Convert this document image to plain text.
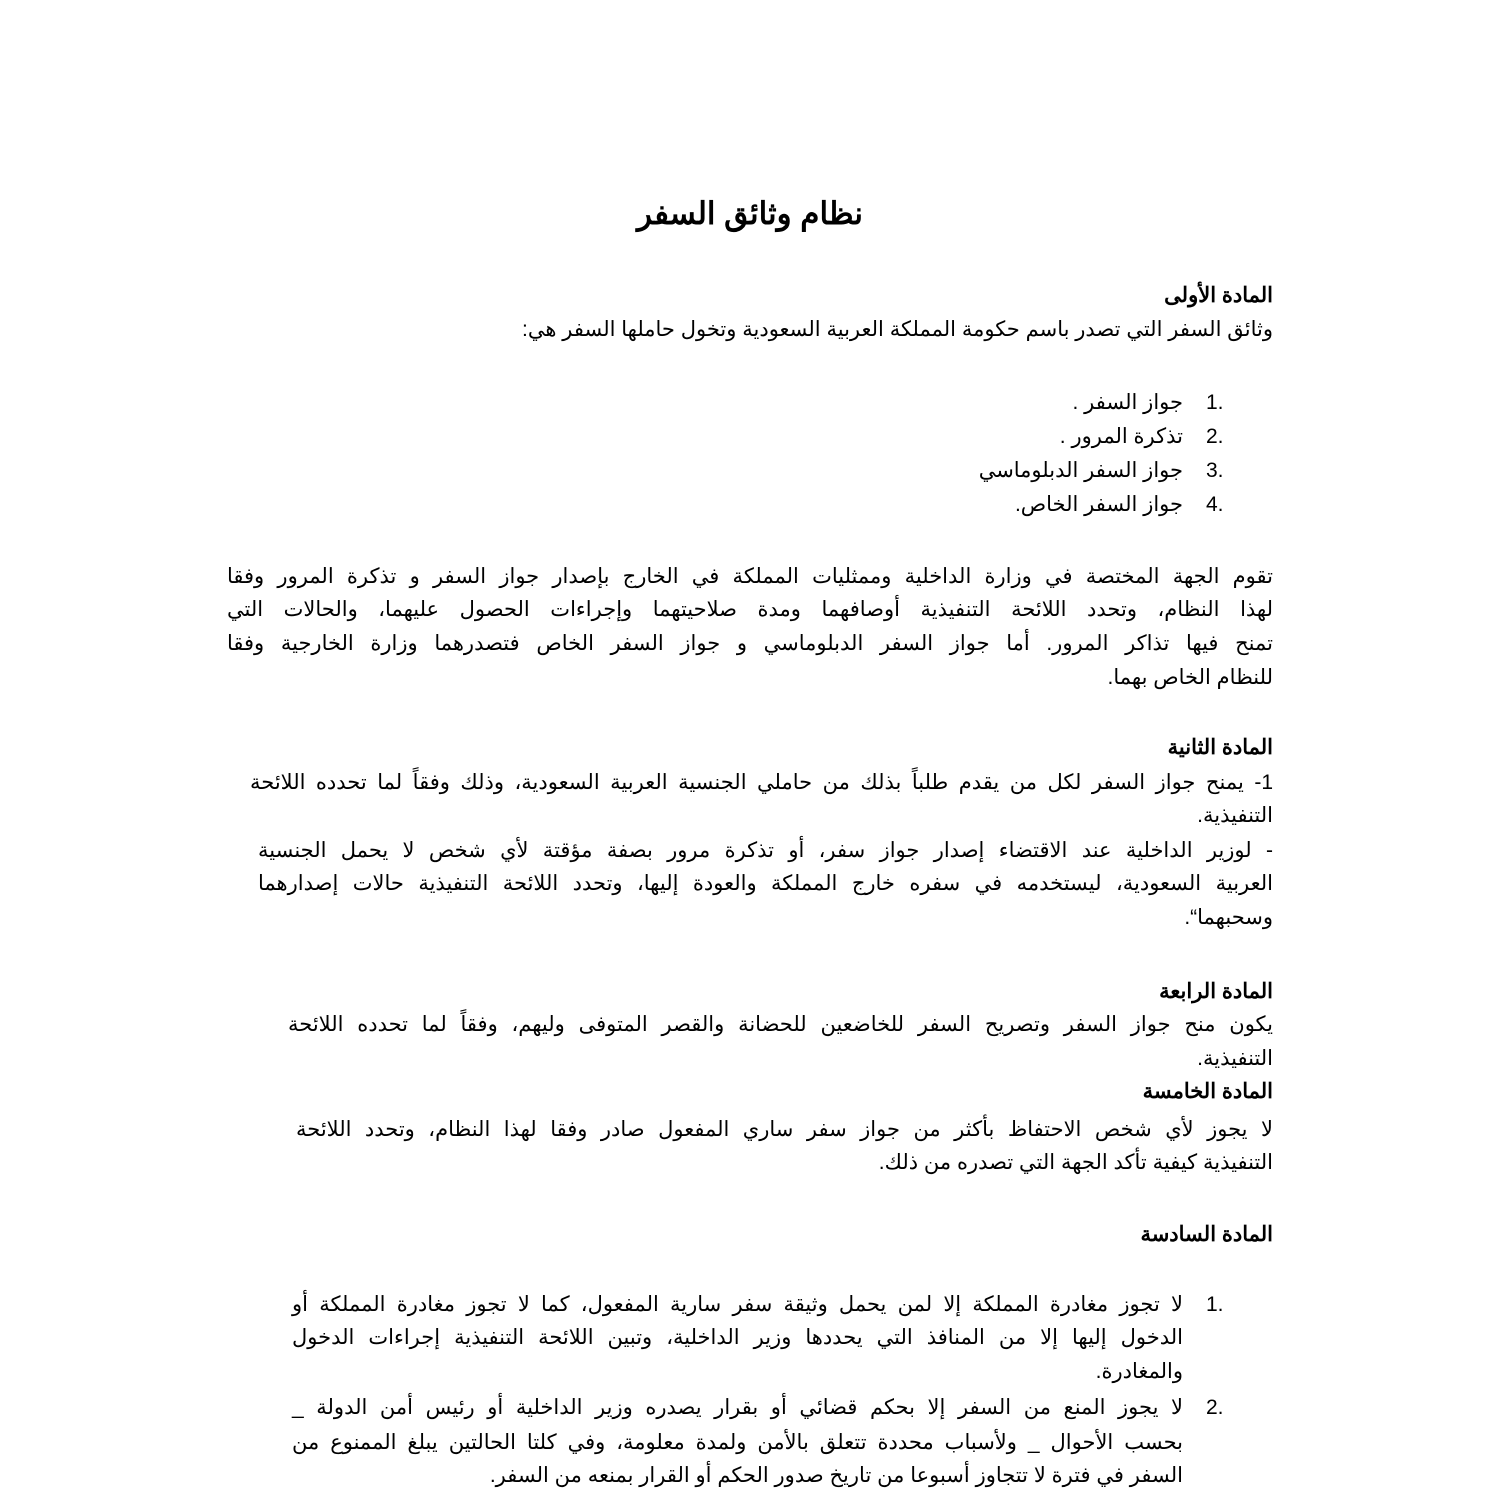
نظام وثائق السفر
المادة الأولى
وثائق السفر التي تصدر باسم حكومة المملكة العربية السعودية وتخول حاملها السفر هي:
1.
جواز السفر .
2.
تذكرة المرور .
3.
جواز السفر الدبلوماسي
4.
جواز السفر الخاص.
تقوم الجهة المختصة في وزارة الداخلية وممثليات المملكة في الخارج بإصدار جواز السفر و تذكرة المرور وفقا
لهذا النظام، وتحدد اللائحة التنفيذية أوصافهما ومدة صلاحيتهما وإجراءات الحصول عليهما، والحالات التي
تمنح فيها تذاكر المرور. أما جواز السفر الدبلوماسي و جواز السفر الخاص فتصدرهما وزارة الخارجية وفقا
للنظام الخاص بهما.
المادة الثانية
1- يمنح جواز السفر لكل من يقدم طلباً بذلك من حاملي الجنسية العربية السعودية، وذلك وفقاً لما تحدده اللائحة
التنفيذية.
- لوزير الداخلية عند الاقتضاء إصدار جواز سفر، أو تذكرة مرور بصفة مؤقتة لأي شخص لا يحمل الجنسية
العربية السعودية، ليستخدمه في سفره خارج المملكة والعودة إليها، وتحدد اللائحة التنفيذية حالات إصدارهما
وسحبهما“.
المادة الرابعة
يكون منح جواز السفر وتصريح السفر للخاضعين للحضانة والقصر المتوفى وليهم، وفقاً لما تحدده اللائحة
التنفيذية.
المادة الخامسة
لا يجوز لأي شخص الاحتفاظ بأكثر من جواز سفر ساري المفعول صادر وفقا لهذا النظام، وتحدد اللائحة
التنفيذية كيفية تأكد الجهة التي تصدره من ذلك.
المادة السادسة
1.
لا تجوز مغادرة المملكة إلا لمن يحمل وثيقة سفر سارية المفعول، كما لا تجوز مغادرة المملكة أو
الدخول إليها إلا من المنافذ التي يحددها وزير الداخلية، وتبين اللائحة التنفيذية إجراءات الدخول
والمغادرة.
2.
لا يجوز المنع من السفر إلا بحكم قضائي أو بقرار يصدره وزير الداخلية أو رئيس أمن الدولة _
بحسب الأحوال _ ولأسباب محددة تتعلق بالأمن ولمدة معلومة، وفي كلتا الحالتين يبلغ الممنوع من
السفر في فترة لا تتجاوز أسبوعا من تاريخ صدور الحكم أو القرار بمنعه من السفر.
